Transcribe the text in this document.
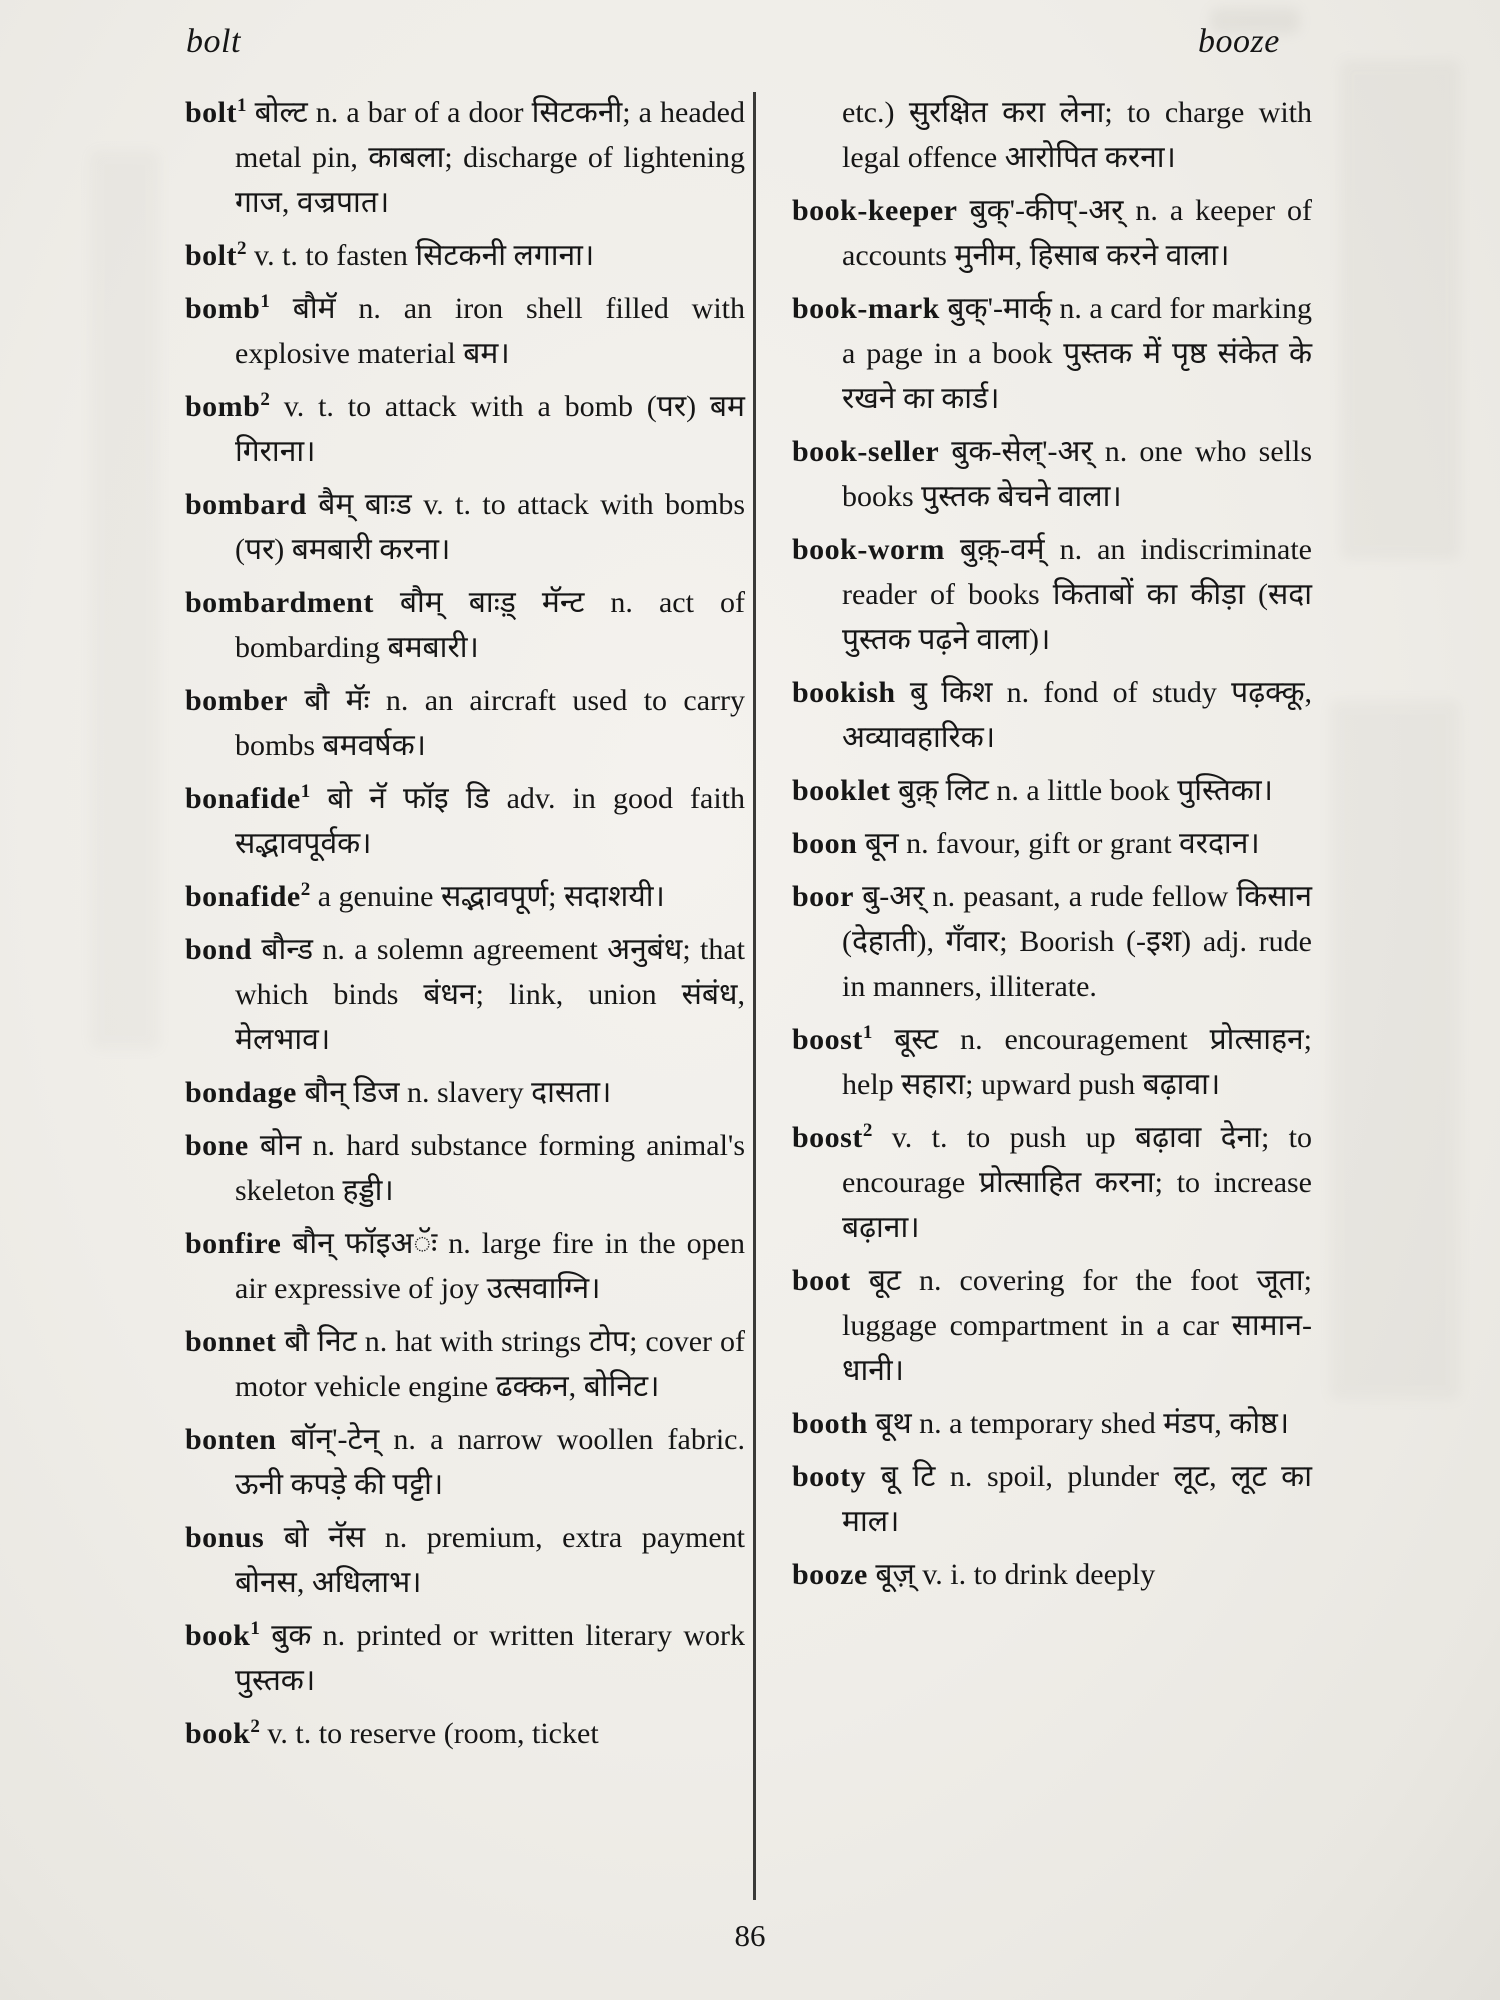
bolt	booze

bolt$^1$ बोल्ट n. a bar of a door सिटकनी; a headed metal pin, काबला; discharge of lightening गाज, वज्रपात।

bolt$^2$ v. t. to fasten सिटकनी लगाना।

bomb$^1$ बौमॅ n. an iron shell filled with explosive material बम।

bomb$^2$ v. t. to attack with a bomb (पर) बम गिराना।

bombard बैम् बाःड v. t. to attack with bombs (पर) बमबारी करना।

bombardment बौम् बाःड़् मॅन्ट n. act of bombarding बमबारी।

bomber बौ मॅः n. an aircraft used to carry bombs बमवर्षक।

bonafide$^1$ बो नॅ फॉइ डि adv. in good faith सद्भावपूर्वक।

bonafide$^2$ a genuine सद्भावपूर्ण; सदाशयी।

bond बौन्ड n. a solemn agreement अनुबंध; that which binds बंधन; link, union संबंध, मेलभाव।

bondage बौन् डिज n. slavery दासता।

bone बोन n. hard substance forming animal's skeleton हड्डी।

bonfire बौन् फॉइअॅः n. large fire in the open air expressive of joy उत्सवाग्नि।

bonnet बौ निट n. hat with strings टोप; cover of motor vehicle engine ढक्कन, बोनिट।

bonten बॉन्'-टेन् n. a narrow woollen fabric. ऊनी कपड़े की पट्टी।

bonus बो नॅस n. premium, extra payment बोनस, अधिलाभ।

book$^1$ बुक n. printed or written literary work पुस्तक।

book$^2$ v. t. to reserve (room, ticket

etc.) सुरक्षित करा लेना; to charge with legal offence आरोपित करना।

book-keeper बुक्'-कीप्'-अर् n. a keeper of accounts मुनीम, हिसाब करने वाला।

book-mark बुक्'-मार्क् n. a card for marking a page in a book पुस्तक में पृष्ठ संकेत के रखने का कार्ड।

book-seller बुक-सेल्'-अर् n. one who sells books पुस्तक बेचने वाला।

book-worm बुक़्-वर्म् n. an indiscriminate reader of books किताबों का कीड़ा (सदा पुस्तक पढ़ने वाला)।

bookish बु किश n. fond of study पढ़क्कू, अव्यावहारिक।

booklet बुक़् लिट n. a little book पुस्तिका।

boon बून n. favour, gift or grant वरदान।

boor बु-अर् n. peasant, a rude fellow किसान (देहाती), गँवार; Boorish (-इश) adj. rude in manners, illiterate.

boost$^1$ बूस्ट n. encouragement प्रोत्साहन; help सहारा; upward push बढ़ावा।

boost$^2$ v. t. to push up बढ़ावा देना; to encourage प्रोत्साहित करना; to increase बढ़ाना।

boot बूट n. covering for the foot जूता; luggage compartment in a car सामान-धानी।

booth बूथ n. a temporary shed मंडप, कोष्ठ।

booty बू टि n. spoil, plunder लूट, लूट का माल।

booze बूज़् v. i. to drink deeply

86
